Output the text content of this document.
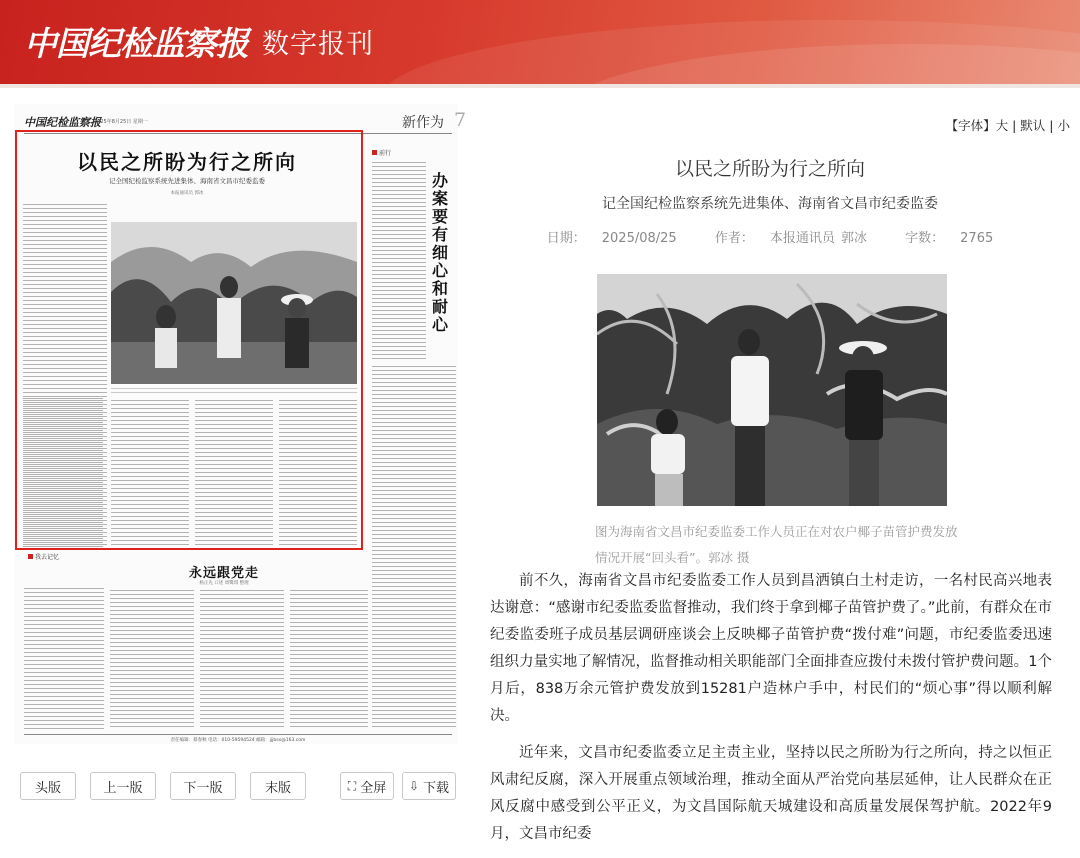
中国纪检监察报 数字报刊
中国纪检监察报
2025年8月25日 星期一	新作为 7
以民之所盼为行之所向
记全国纪检监察系统先进集体、海南省文昌市纪委监委
本报通讯员 郭冰
前行
办案要有细心和耐心
我去记忆
永远跟党走
杨正先 口述 周鹭琪 整理
责任编辑：蔡春秋 电话：010-59594524 邮箱：jjjbsx@163.com
头版	上一版	下一版	末版	⛶ 全屏 ⇩ 下载
【字体】大 | 默认 | 小
以民之所盼为行之所向
记全国纪检监察系统先进集体、海南省文昌市纪委监委
日期： 2025/08/25	作者： 本报通讯员 郭冰	字数： 2765
图为海南省文昌市纪委监委工作人员正在对农户椰子苗管护费发放情况开展“回头看”。郭冰 摄

前不久，海南省文昌市纪委监委工作人员到昌洒镇白土村走访，一名村民高兴地表达谢意：“感谢市纪委监委监督推动，我们终于拿到椰子苗管护费了。”此前，有群众在市纪委监委班子成员基层调研座谈会上反映椰子苗管护费“拨付难”问题，市纪委监委迅速组织力量实地了解情况，监督推动相关职能部门全面排查应拨付未拨付管护费问题。1个月后，838万余元管护费发放到15281户造林户手中，村民们的“烦心事”得以顺利解决。

近年来，文昌市纪委监委立足主责主业，坚持以民之所盼为行之所向，持之以恒正风肃纪反腐，深入开展重点领域治理，推动全面从严治党向基层延伸，让人民群众在正风反腐中感受到公平正义，为文昌国际航天城建设和高质量发展保驾护航。2022年9月，文昌市纪委
